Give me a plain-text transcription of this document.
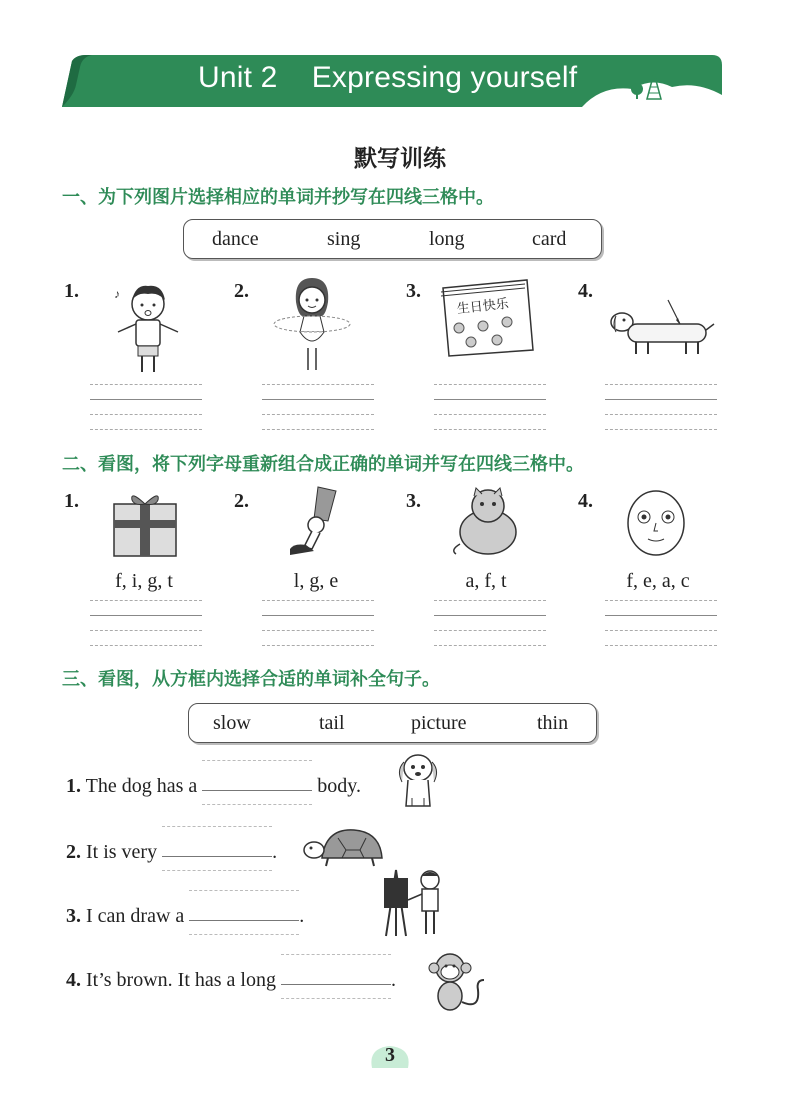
Unit 2    Expressing yourself
默写训练
一、为下列图片选择相应的单词并抄写在四线三格中。
dance	sing	long	card
1.	2.	3.	4.
♪
生日快乐
二、看图，将下列字母重新组合成正确的单词并写在四线三格中。
1.	2.	3.	4.
f, i, g, t	l, g, e	a, f, t	f, e, a, c
三、看图，从方框内选择合适的单词补全句子。
slow	tail	picture	thin
1. The dog has a	body.
2. It is very	.
3. I can draw a	.
4. It’s brown. It has a long	.
3
